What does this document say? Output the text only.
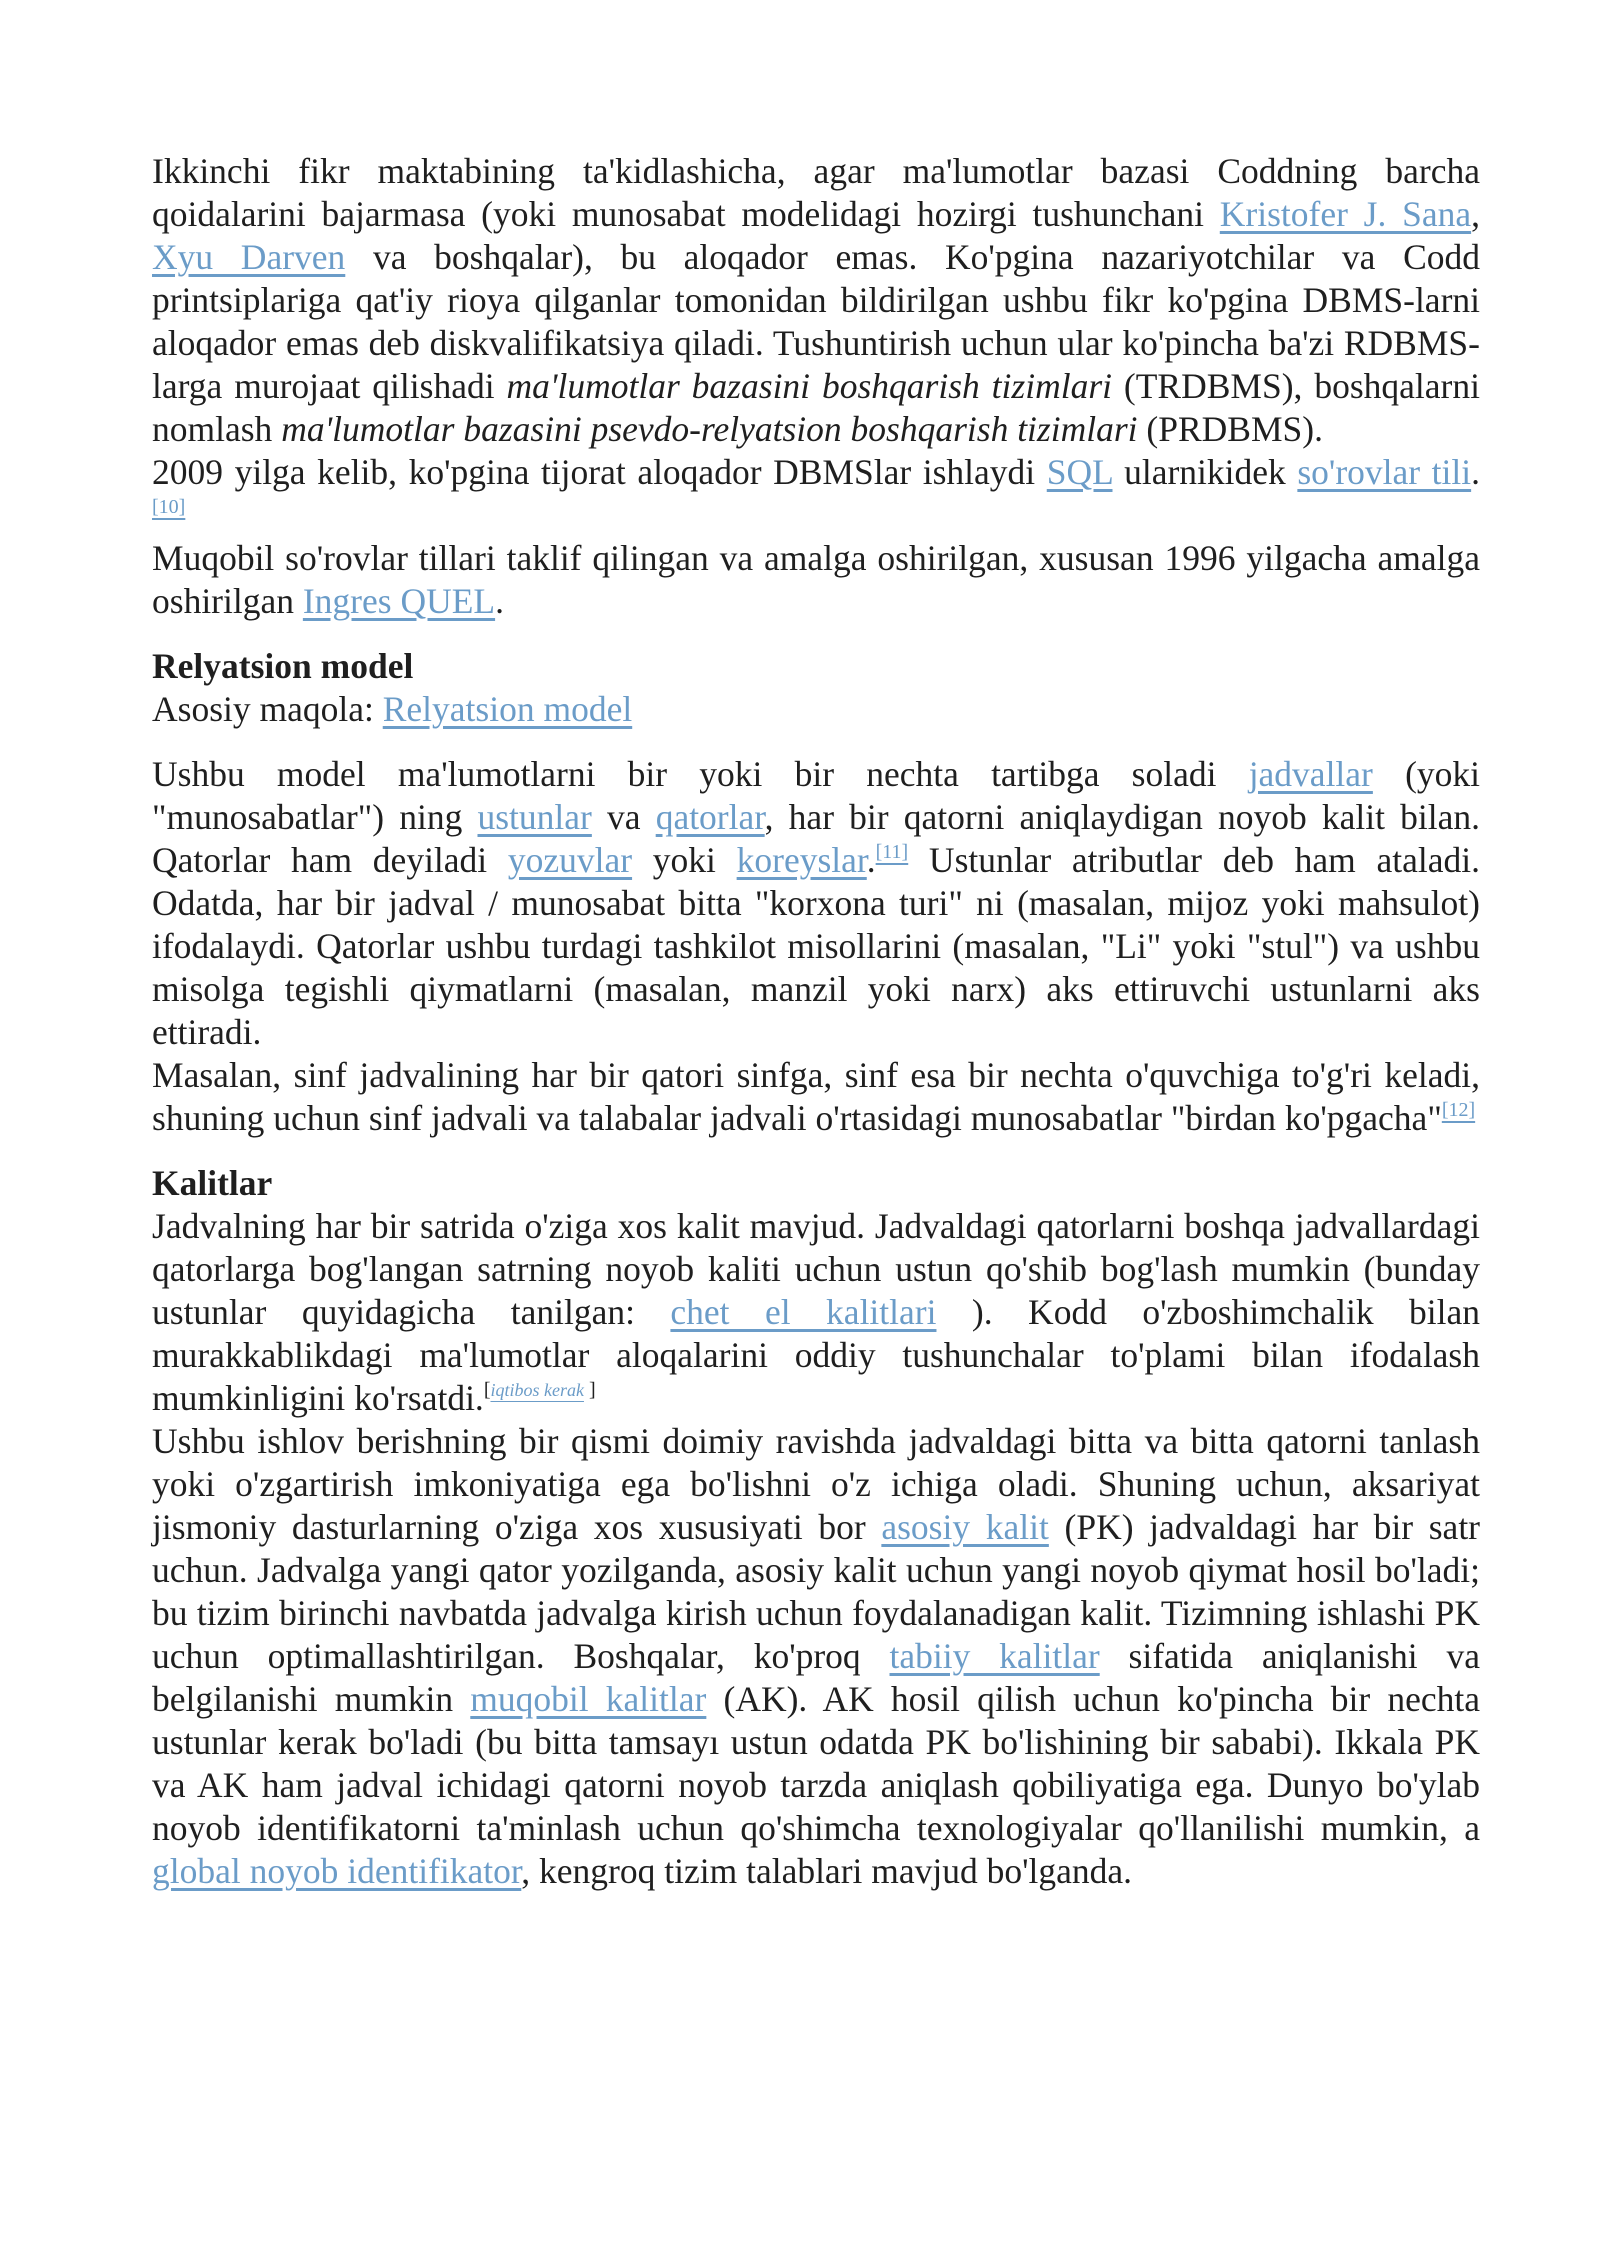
Ikkinchi fikr maktabining ta'kidlashicha, agar ma'lumotlar bazasi Coddning barcha qoidalarini bajarmasa (yoki munosabat modelidagi hozirgi tushunchani Kristofer J. Sana, Xyu Darven va boshqalar), bu aloqador emas. Ko'pgina nazariyotchilar va Codd printsiplariga qat'iy rioya qilganlar tomonidan bildirilgan ushbu fikr ko'pgina DBMS-larni aloqador emas deb diskvalifikatsiya qiladi. Tushuntirish uchun ular ko'pincha ba'zi RDBMS-larga murojaat qilishadi ma'lumotlar bazasini boshqarish tizimlari (TRDBMS), boshqalarni nomlash ma'lumotlar bazasini psevdo-relyatsion boshqarish tizimlari (PRDBMS).

2009 yilga kelib, ko'pgina tijorat aloqador DBMSlar ishlaydi SQL ularnikidek so'rovlar tili.[10]

Muqobil so'rovlar tillari taklif qilingan va amalga oshirilgan, xususan 1996 yilgacha amalga oshirilgan Ingres QUEL.

Relyatsion model

Asosiy maqola: Relyatsion model

Ushbu model ma'lumotlarni bir yoki bir nechta tartibga soladi jadvallar (yoki "munosabatlar") ning ustunlar va qatorlar, har bir qatorni aniqlaydigan noyob kalit bilan. Qatorlar ham deyiladi yozuvlar yoki koreyslar.[11] Ustunlar atributlar deb ham ataladi. Odatda, har bir jadval / munosabat bitta "korxona turi" ni (masalan, mijoz yoki mahsulot) ifodalaydi. Qatorlar ushbu turdagi tashkilot misollarini (masalan, "Li" yoki "stul") va ushbu misolga tegishli qiymatlarni (masalan, manzil yoki narx) aks ettiruvchi ustunlarni aks ettiradi.

Masalan, sinf jadvalining har bir qatori sinfga, sinf esa bir nechta o'quvchiga to'g'ri keladi, shuning uchun sinf jadvali va talabalar jadvali o'rtasidagi munosabatlar "birdan ko'pgacha"[12]

Kalitlar

Jadvalning har bir satrida o'ziga xos kalit mavjud. Jadvaldagi qatorlarni boshqa jadvallardagi qatorlarga bog'langan satrning noyob kaliti uchun ustun qo'shib bog'lash mumkin (bunday ustunlar quyidagicha tanilgan: chet el kalitlari ). Kodd o'zboshimchalik bilan murakkablikdagi ma'lumotlar aloqalarini oddiy tushunchalar to'plami bilan ifodalash mumkinligini ko'rsatdi.[iqtibos kerak ]

Ushbu ishlov berishning bir qismi doimiy ravishda jadvaldagi bitta va bitta qatorni tanlash yoki o'zgartirish imkoniyatiga ega bo'lishni o'z ichiga oladi. Shuning uchun, aksariyat jismoniy dasturlarning o'ziga xos xususiyati bor asosiy kalit (PK) jadvaldagi har bir satr uchun. Jadvalga yangi qator yozilganda, asosiy kalit uchun yangi noyob qiymat hosil bo'ladi; bu tizim birinchi navbatda jadvalga kirish uchun foydalanadigan kalit. Tizimning ishlashi PK uchun optimallashtirilgan. Boshqalar, ko'proq tabiiy kalitlar sifatida aniqlanishi va belgilanishi mumkin muqobil kalitlar (AK). AK hosil qilish uchun ko'pincha bir nechta ustunlar kerak bo'ladi (bu bitta tamsayı ustun odatda PK bo'lishining bir sababi). Ikkala PK va AK ham jadval ichidagi qatorni noyob tarzda aniqlash qobiliyatiga ega. Dunyo bo'ylab noyob identifikatorni ta'minlash uchun qo'shimcha texnologiyalar qo'llanilishi mumkin, a global noyob identifikator, kengroq tizim talablari mavjud bo'lganda.
